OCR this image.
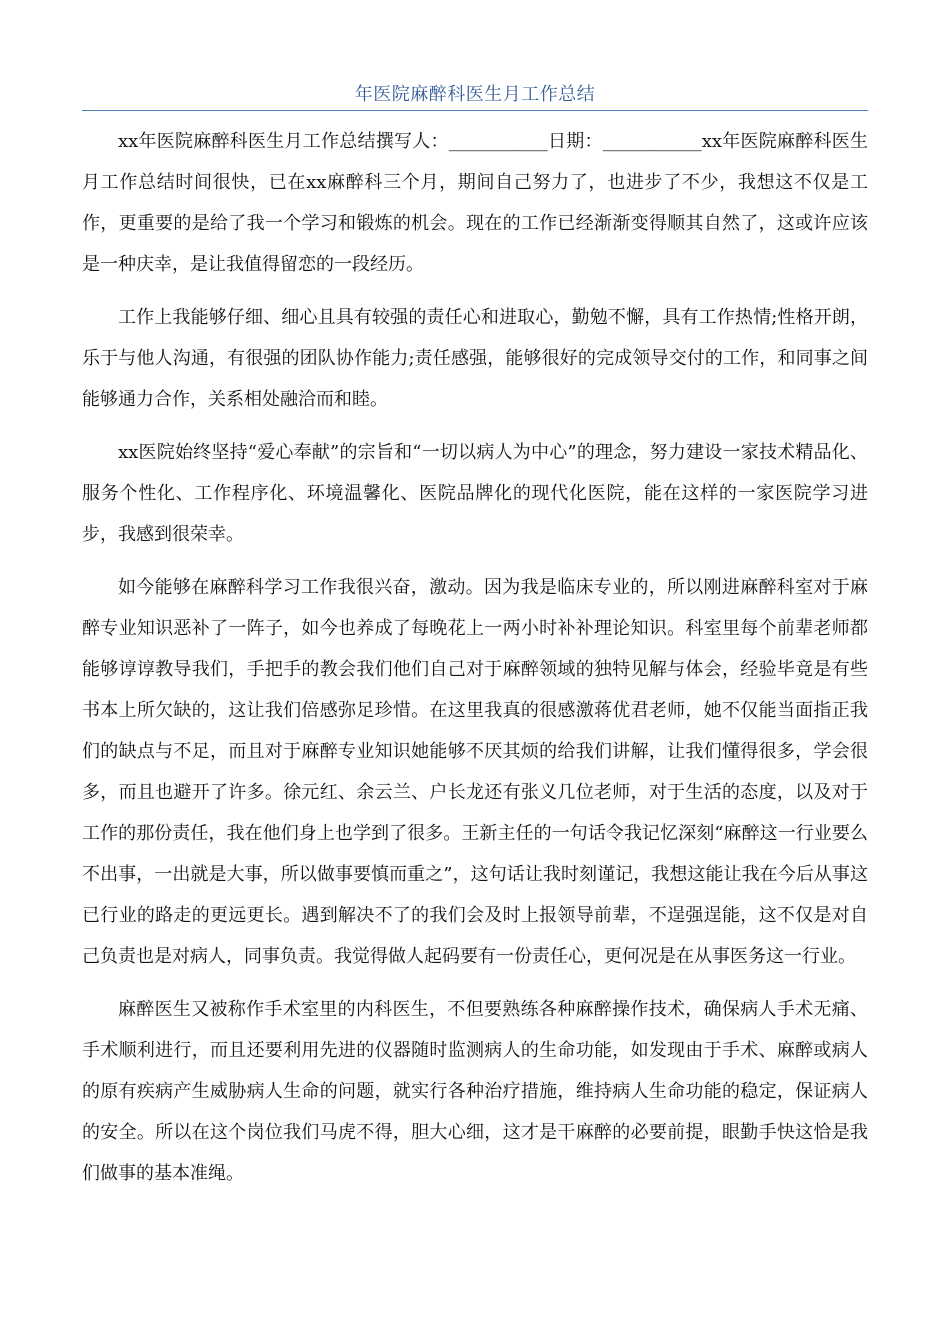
年医院麻醉科医生月工作总结

xx年医院麻醉科医生月工作总结撰写人：___________日期：___________xx年医院麻醉科医生月工作总结时间很快，已在xx麻醉科三个月，期间自己努力了，也进步了不少，我想这不仅是工作，更重要的是给了我一个学习和锻炼的机会。现在的工作已经渐渐变得顺其自然了，这或许应该是一种庆幸，是让我值得留恋的一段经历。

工作上我能够仔细、细心且具有较强的责任心和进取心，勤勉不懈，具有工作热情;性格开朗，乐于与他人沟通，有很强的团队协作能力;责任感强，能够很好的完成领导交付的工作，和同事之间能够通力合作，关系相处融洽而和睦。

xx医院始终坚持“爱心奉献”的宗旨和“一切以病人为中心”的理念，努力建设一家技术精品化、服务个性化、工作程序化、环境温馨化、医院品牌化的现代化医院，能在这样的一家医院学习进步，我感到很荣幸。

如今能够在麻醉科学习工作我很兴奋，激动。因为我是临床专业的，所以刚进麻醉科室对于麻醉专业知识恶补了一阵子，如今也养成了每晚花上一两小时补补理论知识。科室里每个前辈老师都能够谆谆教导我们，手把手的教会我们他们自己对于麻醉领域的独特见解与体会，经验毕竟是有些书本上所欠缺的，这让我们倍感弥足珍惜。在这里我真的很感激蒋优君老师，她不仅能当面指正我们的缺点与不足，而且对于麻醉专业知识她能够不厌其烦的给我们讲解，让我们懂得很多，学会很多，而且也避开了许多。徐元红、余云兰、户长龙还有张义几位老师，对于生活的态度，以及对于工作的那份责任，我在他们身上也学到了很多。王新主任的一句话令我记忆深刻“麻醉这一行业要么不出事，一出就是大事，所以做事要慎而重之”，这句话让我时刻谨记，我想这能让我在今后从事这已行业的路走的更远更长。遇到解决不了的我们会及时上报领导前辈，不逞强逞能，这不仅是对自己负责也是对病人，同事负责。我觉得做人起码要有一份责任心，更何况是在从事医务这一行业。

麻醉医生又被称作手术室里的内科医生，不但要熟练各种麻醉操作技术，确保病人手术无痛、手术顺利进行，而且还要利用先进的仪器随时监测病人的生命功能，如发现由于手术、麻醉或病人的原有疾病产生威胁病人生命的问题，就实行各种治疗措施，维持病人生命功能的稳定，保证病人的安全。所以在这个岗位我们马虎不得，胆大心细，这才是干麻醉的必要前提，眼勤手快这恰是我们做事的基本准绳。
